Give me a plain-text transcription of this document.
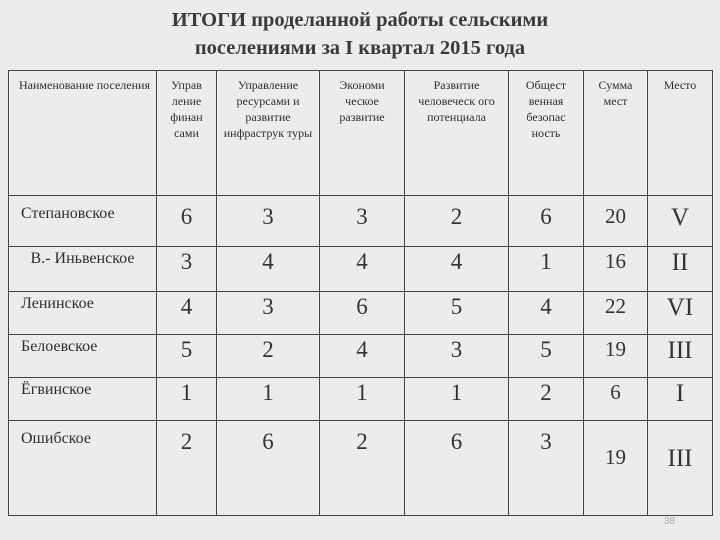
ИТОГИ проделанной работы сельскими
поселениями за I квартал 2015 года
Наименование поселения	Управ ление финан сами	Управление ресурсами и развитие инфраструк туры	Экономи ческое развитие	Развитие человеческ ого потенциала	Общест венная безопас ность	Сумма мест	Место
Степановское	6	3	3	2	6	20	V
В.- Иньвенское	3	4	4	4	1	16	II
Ленинское	4	3	6	5	4	22	VI
Белоевское	5	2	4	3	5	19	III
Ёгвинское	1	1	1	1	2	6	I
Ошибское	2	6	2	6	3	19	III
38
